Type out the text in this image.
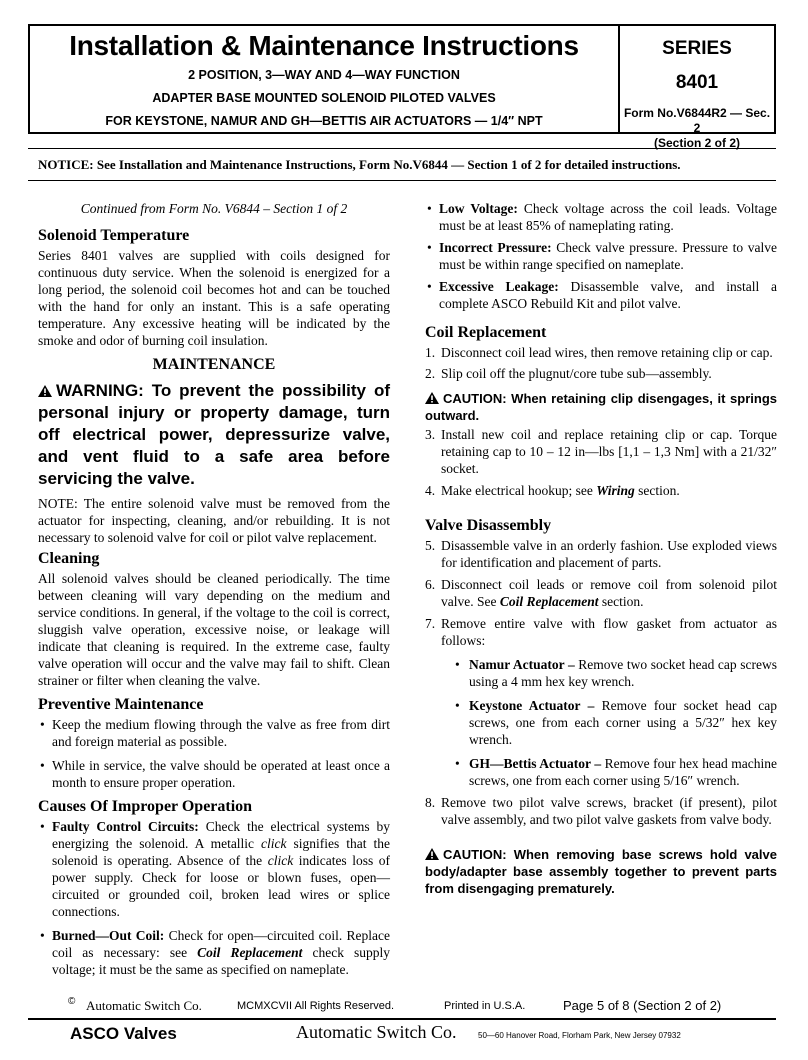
Installation & Maintenance Instructions
2 POSITION, 3—WAY AND 4—WAY FUNCTION
ADAPTER BASE MOUNTED SOLENOID PILOTED VALVES
FOR KEYSTONE, NAMUR AND GH—BETTIS AIR ACTUATORS — 1/4″ NPT
SERIES
8401
Form No.V6844R2 — Sec. 2
(Section 2 of 2)
NOTICE: See Installation and Maintenance Instructions, Form No.V6844 — Section 1 of 2 for detailed instructions.

Continued from Form No. V6844 – Section 1 of 2

Solenoid Temperature

Series 8401 valves are supplied with coils designed for continuous duty service. When the solenoid is energized for a long period, the solenoid coil becomes hot and can be touched with the hand for only an instant. This is a safe operating temperature. Any excessive heating will be indicated by the smoke and odor of burning coil insulation.

MAINTENANCE
WARNING: To prevent the possibility of personal injury or property damage, turn off electrical power, depressurize valve, and vent fluid to a safe area before servicing the valve.

NOTE: The entire solenoid valve must be removed from the actuator for inspecting, cleaning, and/or rebuilding. It is not necessary to solenoid valve for coil or pilot valve replacement.

Cleaning

All solenoid valves should be cleaned periodically. The time between cleaning will vary depending on the medium and service conditions. In general, if the voltage to the coil is correct, sluggish valve operation, excessive noise, or leakage will indicate that cleaning is required. In the extreme case, faulty valve operation will occur and the valve may fail to shift. Clean strainer or filter when cleaning the valve.

Preventive Maintenance
• Keep the medium flowing through the valve as free from dirt and foreign material as possible.
• While in service, the valve should be operated at least once a month to ensure proper operation.
Causes Of Improper Operation
• Faulty Control Circuits: Check the electrical systems by energizing the solenoid. A metallic click signifies that the solenoid is operating. Absence of the click indicates loss of power supply. Check for loose or blown fuses, open—circuited or grounded coil, broken lead wires or splice connections.
• Burned—Out Coil: Check for open—circuited coil. Replace coil as necessary: see Coil Replacement check supply voltage; it must be the same as specified on nameplate.
• Low Voltage: Check voltage across the coil leads. Voltage must be at least 85% of nameplating rating.
• Incorrect Pressure: Check valve pressure. Pressure to valve must be within range specified on nameplate.
• Excessive Leakage: Disassemble valve, and install a complete ASCO Rebuild Kit and pilot valve.
Coil Replacement
1. Disconnect coil lead wires, then remove retaining clip or cap.
2. Slip coil off the plugnut/core tube sub—assembly.
CAUTION: When retaining clip disengages, it springs outward.
3. Install new coil and replace retaining clip or cap. Torque retaining cap to 10 – 12 in—lbs [1,1 – 1,3 Nm] with a 21/32″ socket.
4. Make electrical hookup; see Wiring section.
Valve Disassembly
5. Disassemble valve in an orderly fashion. Use exploded views for identification and placement of parts.
6. Disconnect coil leads or remove coil from solenoid pilot valve. See Coil Replacement section.
7. Remove entire valve with flow gasket from actuator as follows:
• Namur Actuator – Remove two socket head cap screws using a 4 mm hex key wrench.
• Keystone Actuator – Remove four socket head cap screws, one from each corner using a 5/32″ hex key wrench.
• GH—Bettis Actuator – Remove four hex head machine screws, one from each corner using 5/16″ wrench.
8. Remove two pilot valve screws, bracket (if present), pilot valve assembly, and two pilot valve gaskets from valve body.
CAUTION: When removing base screws hold valve body/adapter base assembly together to prevent parts from disengaging prematurely.
© Automatic Switch Co.	MCMXCVII All Rights Reserved.	Printed in U.S.A.	Page 5 of 8 (Section 2 of 2)
ASCO Valves	Automatic Switch Co.	50—60 Hanover Road, Florham Park, New Jersey 07932
